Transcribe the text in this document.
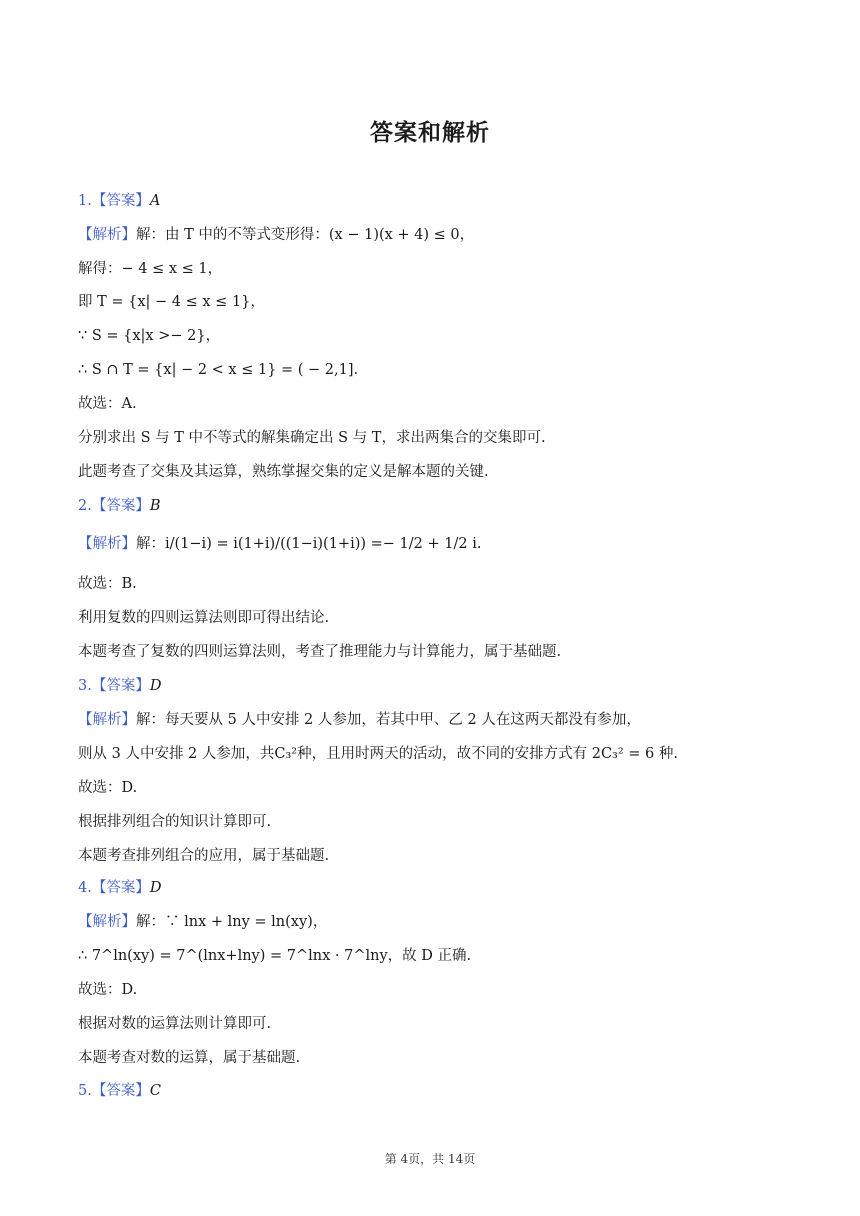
答案和解析
1.【答案】A
【解析】解：由 T 中的不等式变形得：(x − 1)(x + 4) ≤ 0，
解得：− 4 ≤ x ≤ 1，
即 T = {x| − 4 ≤ x ≤ 1}，
∵ S = {x|x >− 2}，
∴ S ∩ T = {x| − 2 < x ≤ 1} = ( − 2,1].
故选：A.
分别求出 S 与 T 中不等式的解集确定出 S 与 T，求出两集合的交集即可.
此题考查了交集及其运算，熟练掌握交集的定义是解本题的关键.
2.【答案】B
【解析】解：i/(1−i) = i(1+i)/((1−i)(1+i)) =− 1/2 + 1/2 i.
故选：B.
利用复数的四则运算法则即可得出结论.
本题考查了复数的四则运算法则，考查了推理能力与计算能力，属于基础题.
3.【答案】D
【解析】解：每天要从 5 人中安排 2 人参加，若其中甲、乙 2 人在这两天都没有参加，
则从 3 人中安排 2 人参加，共C₃²种，且用时两天的活动，故不同的安排方式有 2C₃² = 6 种.
故选：D.
根据排列组合的知识计算即可.
本题考查排列组合的应用，属于基础题.
4.【答案】D
【解析】解：∵ lnx + lny = ln(xy)，
∴ 7^ln(xy) = 7^(lnx+lny) = 7^lnx · 7^lny，故 D 正确.
故选：D.
根据对数的运算法则计算即可.
本题考查对数的运算，属于基础题.
5.【答案】C
第 4页，共 14页
